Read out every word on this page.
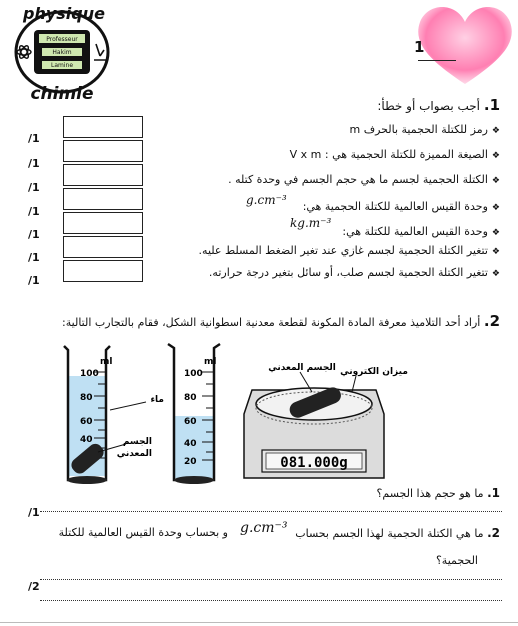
Professeur
Hakim
Lamine
physique
chimie
1
1. أجب بصواب أو خطأ:
❖رمز للكتلة الحجمية بالحرف m
❖الصيغة المميزة للكتلة الحجمية هي : V x m
❖الكتلة الحجمية لجسم ما هي حجم الجسم في وحدة كتله .
❖وحدة القيس العالمية للكتلة الحجمية هي:
g.cm⁻³
❖وحدة القيس العالمية للكتلة هي:
kg.m⁻³
❖تتغير الكتلة الحجمية لجسم غازي عند تغير الضغط المسلط عليه.
❖تتغير الكتلة الحجمية لجسم صلب، أو سائل بتغير درجة حرارته.
/1
/1
/1
/1
/1
/1
/1
2. أراد أحد التلاميذ معرفة المادة المكونة لقطعة معدنية اسطوانية الشكل، فقام بالتجارب التالية:
ml
100
80
60
40
ماء
الجسم
المعدني
ml
100
80
60
40
20	081.000g
الجسم المعدني ميزان الكتروني
1. ما هو حجم هذا الجسم؟
/1
2. ما هي الكتلة الحجمية لهذا الجسم بحساب
g.cm⁻³
و بحساب وحدة القيس العالمية للكتلة
الحجمية؟
/2
